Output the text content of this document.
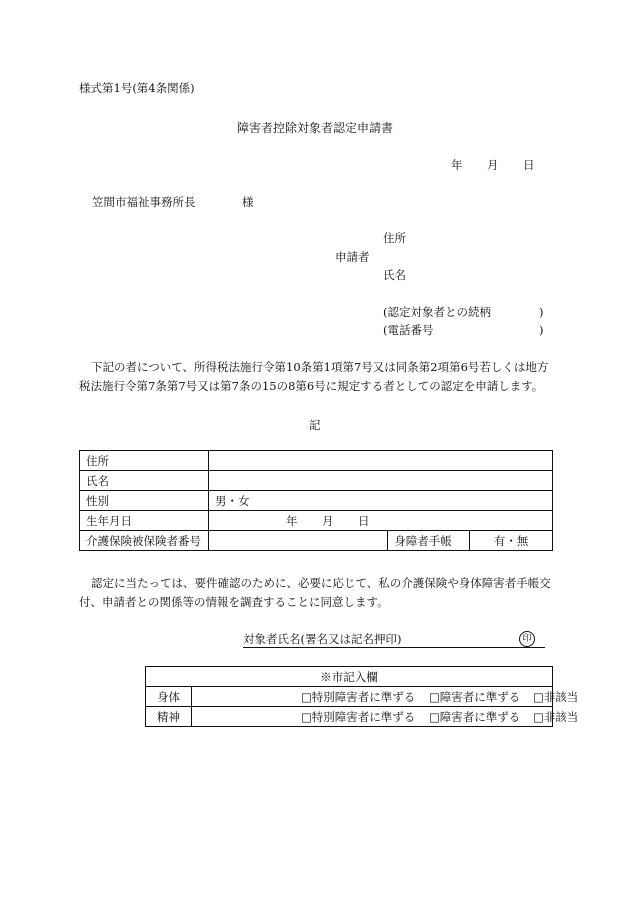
様式第1号(第4条関係)
障害者控除対象者認定申請書
年 月 日
笠間市福祉事務所長	様
住所
申請者
氏名
(認定対象者との続柄	)
(電話番号	)
下記の者について、所得税法施行令第10条第1項第7号又は同条第2項第6号若しくは地方税法施行令第7条第7号又は第7条の15の8第6号に規定する者としての認定を申請します。
記
住所			
氏名			
性別	男・女		
生年月日	年 月 日		

介護保険被保険者番号		身障者手帳	有・無
認定に当たっては、要件確認のために、必要に応じて、私の介護保険や身体障害者手帳交付、申請者との関係等の情報を調査することに同意します。
対象者氏名(署名又は記名押印)	印
※市記入欄	
身体	□特別障害者に準ずる □障害者に準ずる □非該当

精神	□特別障害者に準ずる □障害者に準ずる □非該当
